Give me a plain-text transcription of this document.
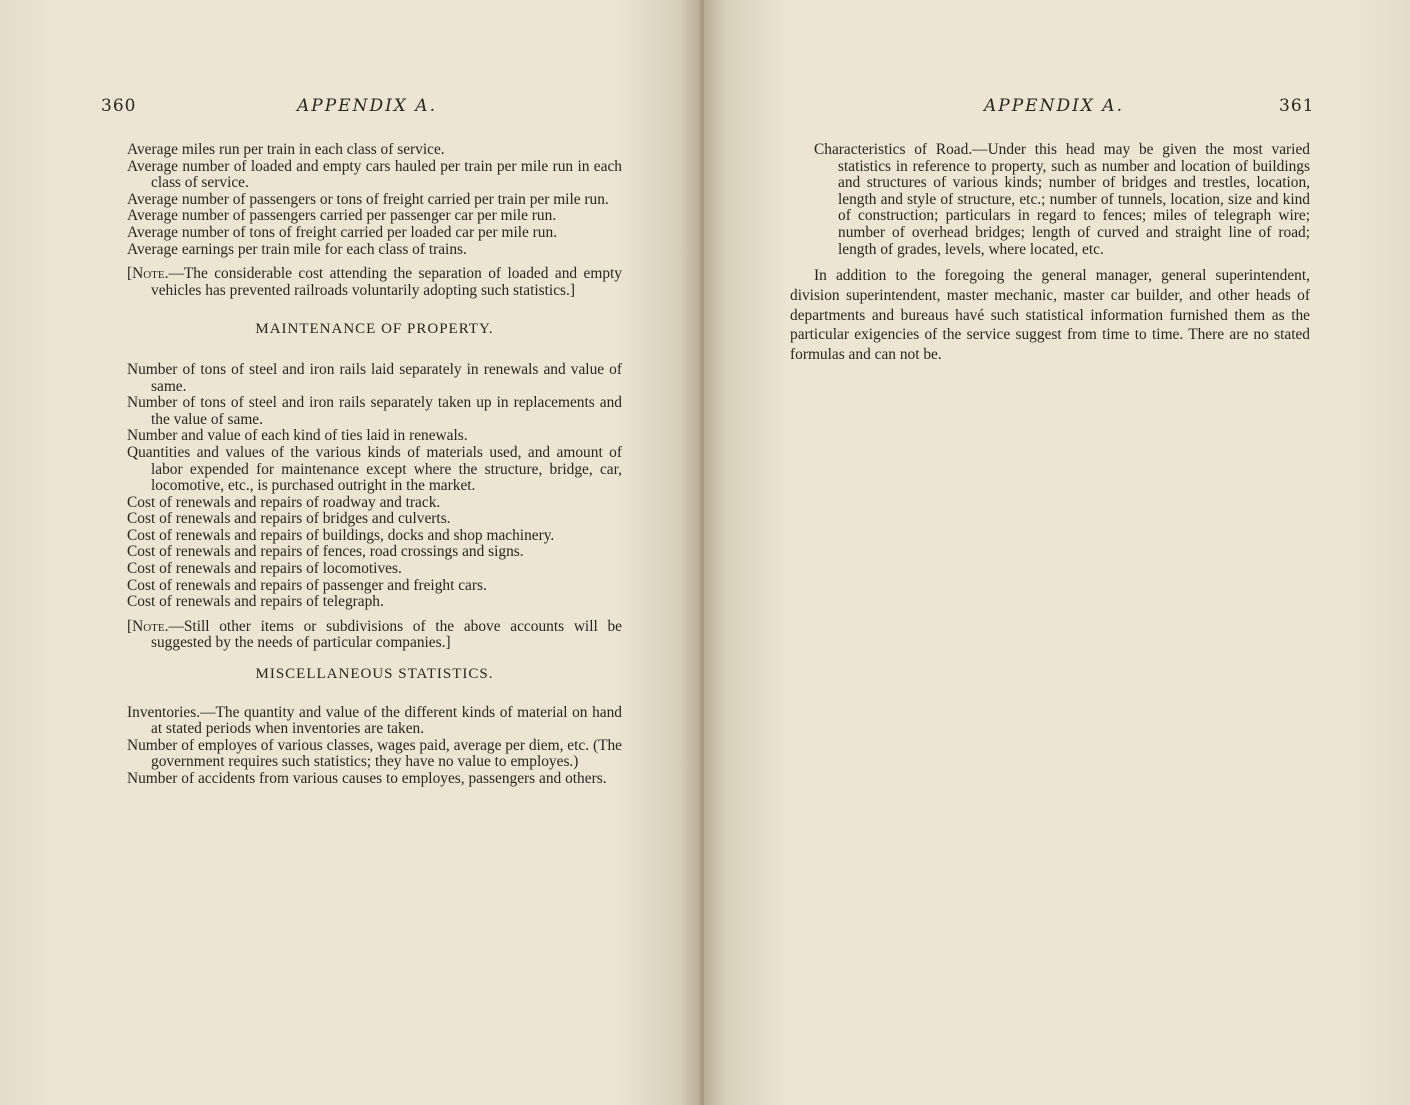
360	APPENDIX A.
Average miles run per train in each class of service.
Average number of loaded and empty cars hauled per train per mile run in each class of service.
Average number of passengers or tons of freight carried per train per mile run.
Average number of passengers carried per passenger car per mile run.
Average number of tons of freight carried per loaded car per mile run.
Average earnings per train mile for each class of trains.
[Note.—The considerable cost attending the separation of loaded and empty vehicles has prevented railroads voluntarily adopting such statistics.]
MAINTENANCE OF PROPERTY.
Number of tons of steel and iron rails laid separately in renewals and value of same.
Number of tons of steel and iron rails separately taken up in replacements and the value of same.
Number and value of each kind of ties laid in renewals.
Quantities and values of the various kinds of materials used, and amount of labor expended for maintenance except where the structure, bridge, car, locomotive, etc., is purchased outright in the market.
Cost of renewals and repairs of roadway and track.
Cost of renewals and repairs of bridges and culverts.
Cost of renewals and repairs of buildings, docks and shop machinery.
Cost of renewals and repairs of fences, road crossings and signs.
Cost of renewals and repairs of locomotives.
Cost of renewals and repairs of passenger and freight cars.
Cost of renewals and repairs of telegraph.
[Note.—Still other items or subdivisions of the above accounts will be suggested by the needs of particular companies.]
MISCELLANEOUS STATISTICS.
Inventories.—The quantity and value of the different kinds of material on hand at stated periods when inventories are taken.
Number of employes of various classes, wages paid, average per diem, etc. (The government requires such statistics; they have no value to employes.)
Number of accidents from various causes to employes, passengers and others.
APPENDIX A.	361
Characteristics of Road.—Under this head may be given the most varied statistics in reference to property, such as number and location of buildings and structures of various kinds; number of bridges and trestles, location, length and style of structure, etc.; number of tunnels, location, size and kind of construction; particulars in regard to fences; miles of telegraph wire; number of overhead bridges; length of curved and straight line of road; length of grades, levels, where located, etc.
In addition to the foregoing the general manager, general superintendent, division superintendent, master mechanic, master car builder, and other heads of departments and bureaus havé such statistical information furnished them as the particular exigencies of the service suggest from time to time. There are no stated formulas and can not be.
